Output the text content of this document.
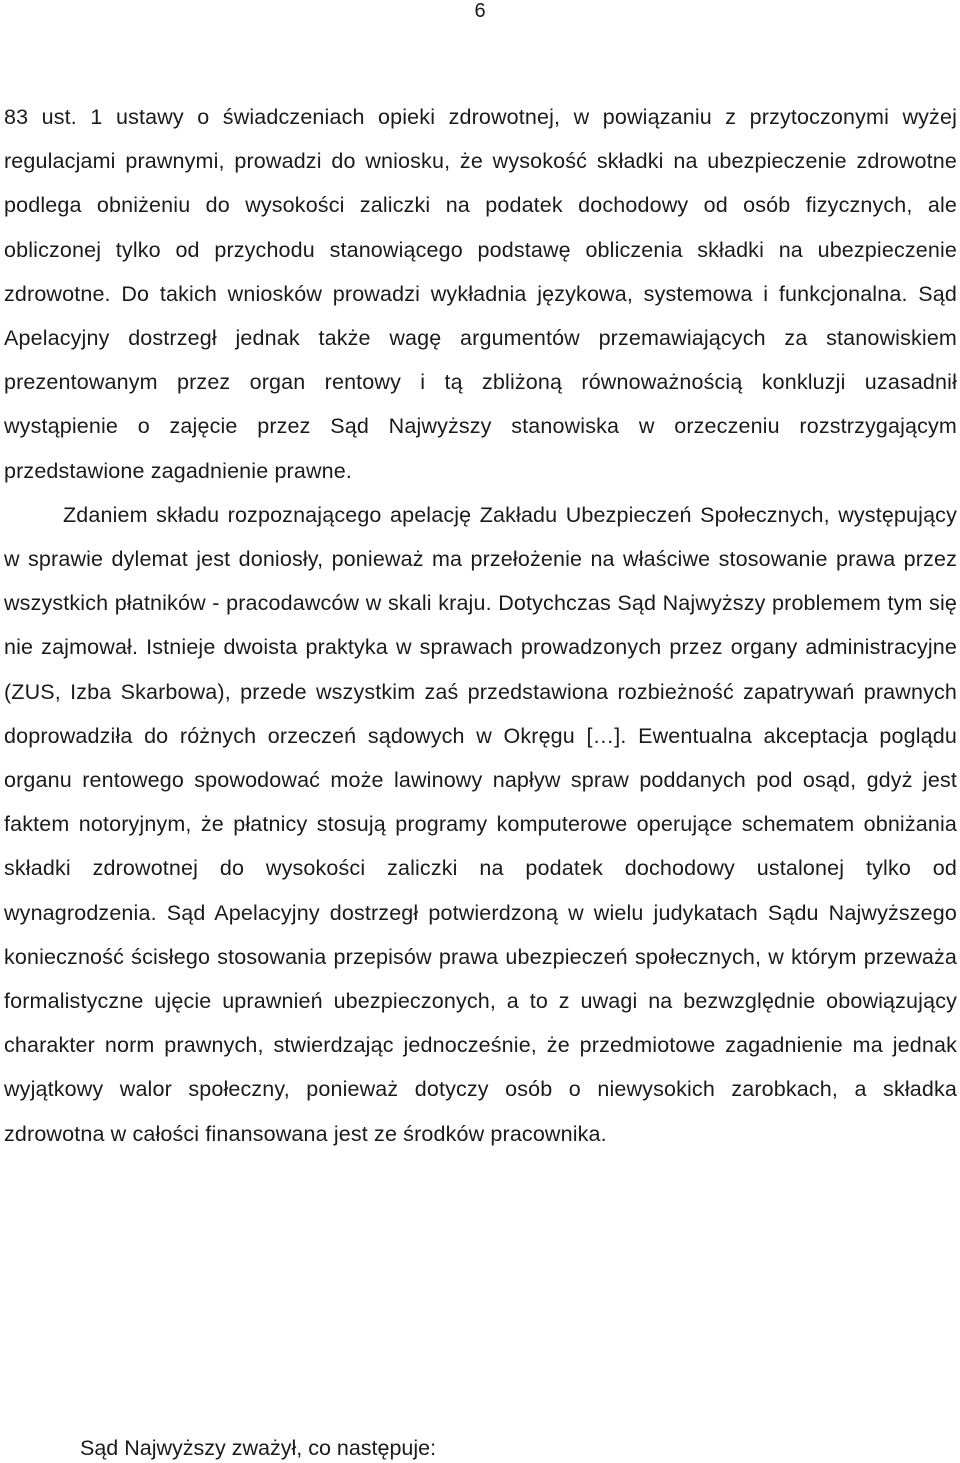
6

83 ust. 1 ustawy o świadczeniach opieki zdrowotnej, w powiązaniu z przytoczonymi wyżej regulacjami prawnymi, prowadzi do wniosku, że wysokość składki na ubezpieczenie zdrowotne podlega obniżeniu do wysokości zaliczki na podatek dochodowy od osób fizycznych, ale obliczonej tylko od przychodu stanowiącego podstawę obliczenia składki na ubezpieczenie zdrowotne. Do takich wniosków prowadzi wykładnia językowa, systemowa i funkcjonalna. Sąd Apelacyjny dostrzegł jednak także wagę argumentów przemawiających za stanowiskiem prezentowanym przez organ rentowy i tą zbliżoną równoważnością konkluzji uzasadnił wystąpienie o zajęcie przez Sąd Najwyższy stanowiska w orzeczeniu rozstrzygającym przedstawione zagadnienie prawne.

Zdaniem składu rozpoznającego apelację Zakładu Ubezpieczeń Społecznych, występujący w sprawie dylemat jest doniosły, ponieważ ma przełożenie na właściwe stosowanie prawa przez wszystkich płatników - pracodawców w skali kraju. Dotychczas Sąd Najwyższy problemem tym się nie zajmował. Istnieje dwoista praktyka w sprawach prowadzonych przez organy administracyjne (ZUS, Izba Skarbowa), przede wszystkim zaś przedstawiona rozbieżność zapatrywań prawnych doprowadziła do różnych orzeczeń sądowych w Okręgu […]. Ewentualna akceptacja poglądu organu rentowego spowodować może lawinowy napływ spraw poddanych pod osąd, gdyż jest faktem notoryjnym, że płatnicy stosują programy komputerowe operujące schematem obniżania składki zdrowotnej do wysokości zaliczki na podatek dochodowy ustalonej tylko od wynagrodzenia. Sąd Apelacyjny dostrzegł potwierdzoną w wielu judykatach Sądu Najwyższego konieczność ścisłego stosowania przepisów prawa ubezpieczeń społecznych, w którym przeważa formalistyczne ujęcie uprawnień ubezpieczonych, a to z uwagi na bezwzględnie obowiązujący charakter norm prawnych, stwierdzając jednocześnie, że przedmiotowe zagadnienie ma jednak wyjątkowy walor społeczny, ponieważ dotyczy osób o niewysokich zarobkach, a składka zdrowotna w całości finansowana jest ze środków pracownika.

Sąd Najwyższy zważył, co następuje:
